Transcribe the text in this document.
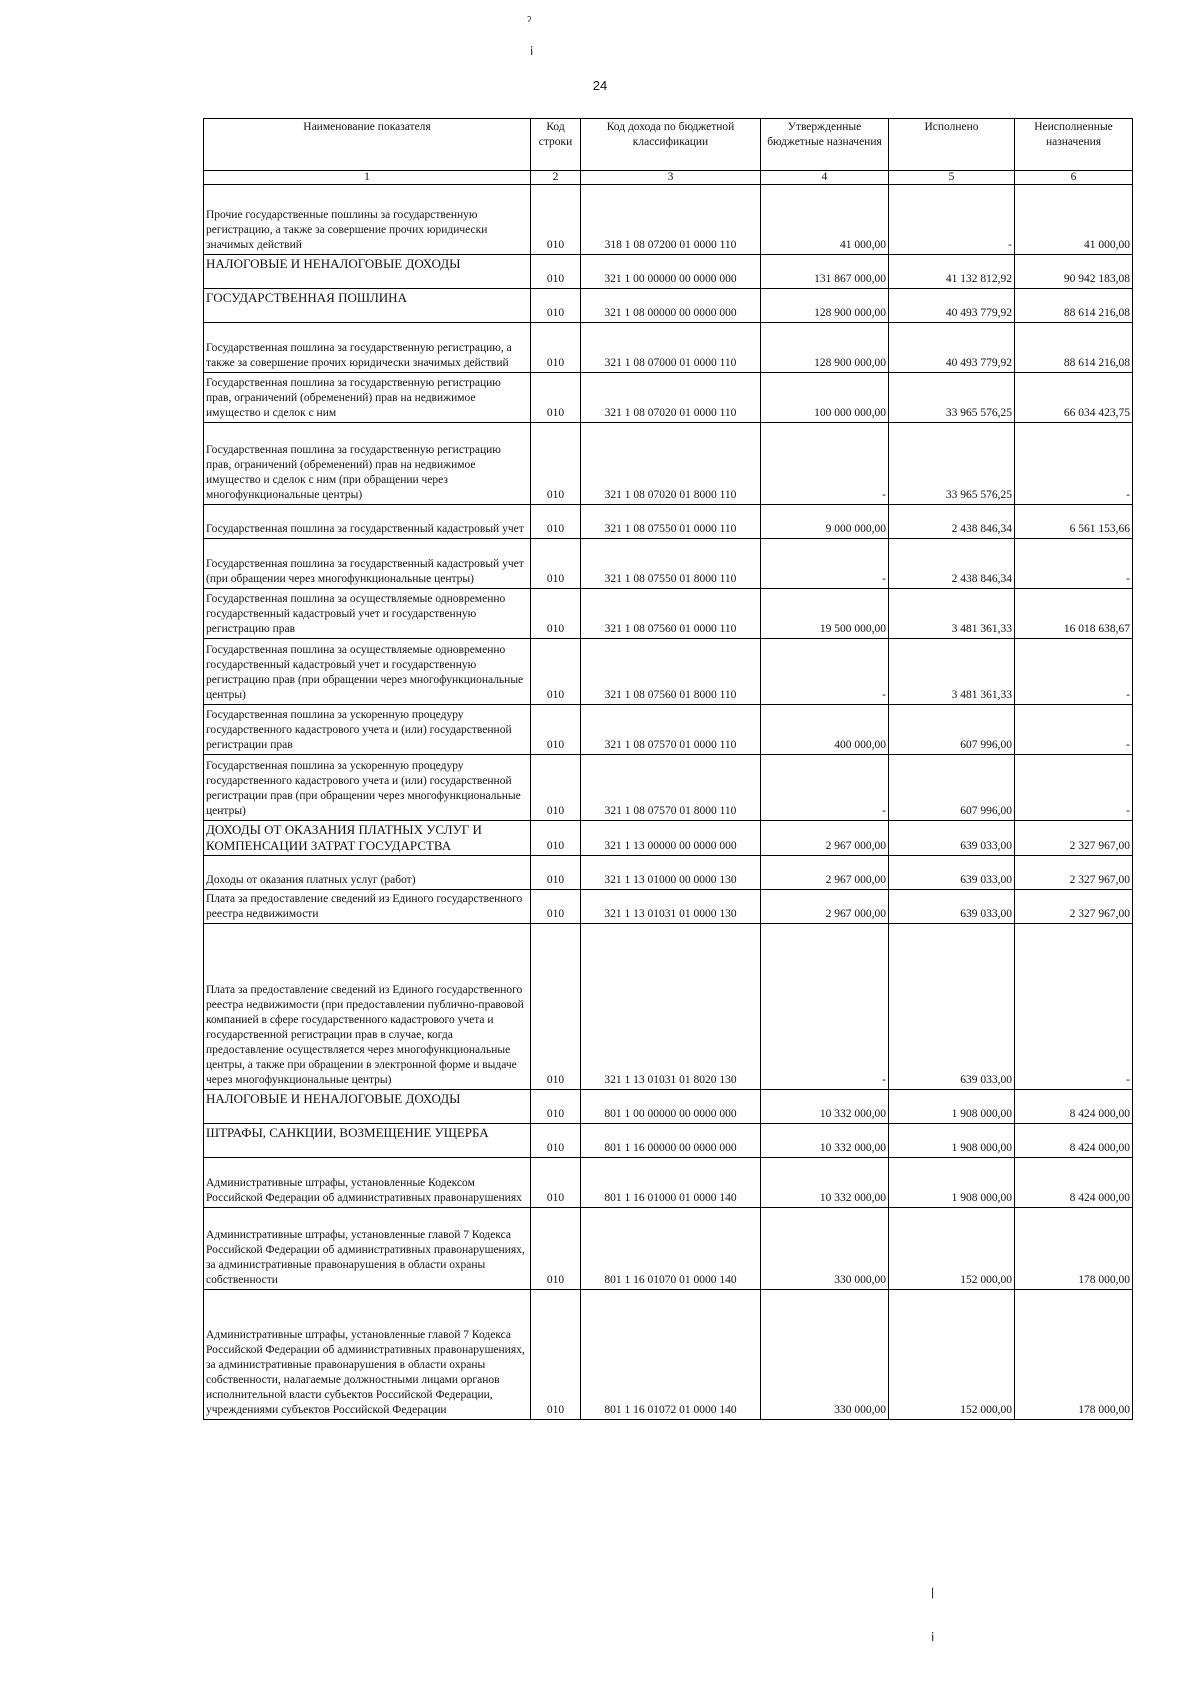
ˀ
ⅰ
24
Наименование показателя	Код строки	Код дохода по бюджетной классификации	Утвержденные бюджетные назначения	Исполнено	Неисполненные назначения
1	2	3	4	5	6
Прочие государственные пошлины за государственную регистрацию, а также за совершение прочих юридически значимых действий	010	318 1 08 07200 01 0000 110	41 000,00	-	41 000,00
НАЛОГОВЫЕ И НЕНАЛОГОВЫЕ ДОХОДЫ	010	321 1 00 00000 00 0000 000	131 867 000,00	41 132 812,92	90 942 183,08
ГОСУДАРСТВЕННАЯ ПОШЛИНА	010	321 1 08 00000 00 0000 000	128 900 000,00	40 493 779,92	88 614 216,08
Государственная пошлина за государственную регистрацию, а также за совершение прочих юридически значимых действий	010	321 1 08 07000 01 0000 110	128 900 000,00	40 493 779,92	88 614 216,08
Государственная пошлина за государственную регистрацию прав, ограничений (обременений) прав на недвижимое имущество и сделок с ним	010	321 1 08 07020 01 0000 110	100 000 000,00	33 965 576,25	66 034 423,75
Государственная пошлина за государственную регистрацию прав, ограничений (обременений) прав на недвижимое имущество и сделок с ним (при обращении через многофункциональные центры)	010	321 1 08 07020 01 8000 110	-	33 965 576,25	-
Государственная пошлина за государственный кадастровый учет	010	321 1 08 07550 01 0000 110	9 000 000,00	2 438 846,34	6 561 153,66
Государственная пошлина за государственный кадастровый учет (при обращении через многофункциональные центры)	010	321 1 08 07550 01 8000 110	-	2 438 846,34	-
Государственная пошлина за осуществляемые одновременно государственный кадастровый учет и государственную регистрацию прав	010	321 1 08 07560 01 0000 110	19 500 000,00	3 481 361,33	16 018 638,67
Государственная пошлина за осуществляемые одновременно государственный кадастровый учет и государственную регистрацию прав (при обращении через многофункциональные центры)	010	321 1 08 07560 01 8000 110	-	3 481 361,33	-
Государственная пошлина за ускоренную процедуру государственного кадастрового учета и (или) государственной регистрации прав	010	321 1 08 07570 01 0000 110	400 000,00	607 996,00	-
Государственная пошлина за ускоренную процедуру государственного кадастрового учета и (или) государственной регистрации прав (при обращении через многофункциональные центры)	010	321 1 08 07570 01 8000 110	-	607 996,00	-
ДОХОДЫ ОТ ОКАЗАНИЯ ПЛАТНЫХ УСЛУГ И КОМПЕНСАЦИИ ЗАТРАТ ГОСУДАРСТВА	010	321 1 13 00000 00 0000 000	2 967 000,00	639 033,00	2 327 967,00
Доходы от оказания платных услуг (работ)	010	321 1 13 01000 00 0000 130	2 967 000,00	639 033,00	2 327 967,00
Плата за предоставление сведений из Единого государственного реестра недвижимости	010	321 1 13 01031 01 0000 130	2 967 000,00	639 033,00	2 327 967,00
Плата за предоставление сведений из Единого государственного реестра недвижимости (при предоставлении публично-правовой компанией в сфере государственного кадастрового учета и государственной регистрации прав в случае, когда предоставление осуществляется через многофункциональные центры, а также при обращении в электронной форме и выдаче через многофункциональные центры)	010	321 1 13 01031 01 8020 130	-	639 033,00	-
НАЛОГОВЫЕ И НЕНАЛОГОВЫЕ ДОХОДЫ	010	801 1 00 00000 00 0000 000	10 332 000,00	1 908 000,00	8 424 000,00
ШТРАФЫ, САНКЦИИ, ВОЗМЕЩЕНИЕ УЩЕРБА	010	801 1 16 00000 00 0000 000	10 332 000,00	1 908 000,00	8 424 000,00
Административные штрафы, установленные Кодексом Российской Федерации об административных правонарушениях	010	801 1 16 01000 01 0000 140	10 332 000,00	1 908 000,00	8 424 000,00
Административные штрафы, установленные главой 7 Кодекса Российской Федерации об административных правонарушениях, за административные правонарушения в области охраны собственности	010	801 1 16 01070 01 0000 140	330 000,00	152 000,00	178 000,00
Административные штрафы, установленные главой 7 Кодекса Российской Федерации об административных правонарушениях, за административные правонарушения в области охраны собственности, налагаемые должностными лицами органов исполнительной власти субъектов Российской Федерации, учреждениями субъектов Российской Федерации	010	801 1 16 01072 01 0000 140	330 000,00	152 000,00	178 000,00
|
ⅰ
